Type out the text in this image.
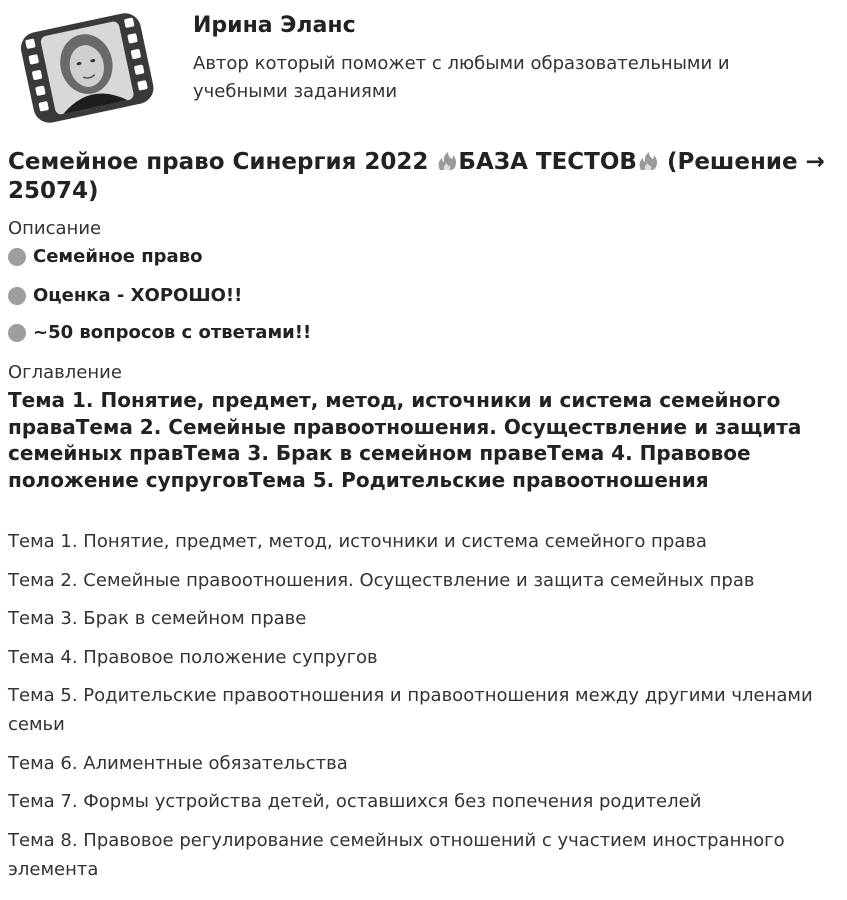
Ирина Эланс
Автор который поможет с любыми образовательными и учебными заданиями
Семейное право Синергия 2022 БАЗА ТЕСТОВ (Решение → 25074)
Описание
Семейное право
Оценка - ХОРОШО!!
~50 вопросов с ответами!!
Оглавление
Тема 1. Понятие, предмет, метод, источники и система семейного праваТема 2. Семейные правоотношения. Осуществление и защита семейных правТема 3. Брак в семейном правеТема 4. Правовое положение супруговТема 5. Родительские правоотношения
Тема 1. Понятие, предмет, метод, источники и система семейного права
Тема 2. Семейные правоотношения. Осуществление и защита семейных прав
Тема 3. Брак в семейном праве
Тема 4. Правовое положение супругов
Тема 5. Родительские правоотношения и правоотношения между другими членами семьи
Тема 6. Алиментные обязательства
Тема 7. Формы устройства детей, оставшихся без попечения родителей
Тема 8. Правовое регулирование семейных отношений с участием иностранного элемента
